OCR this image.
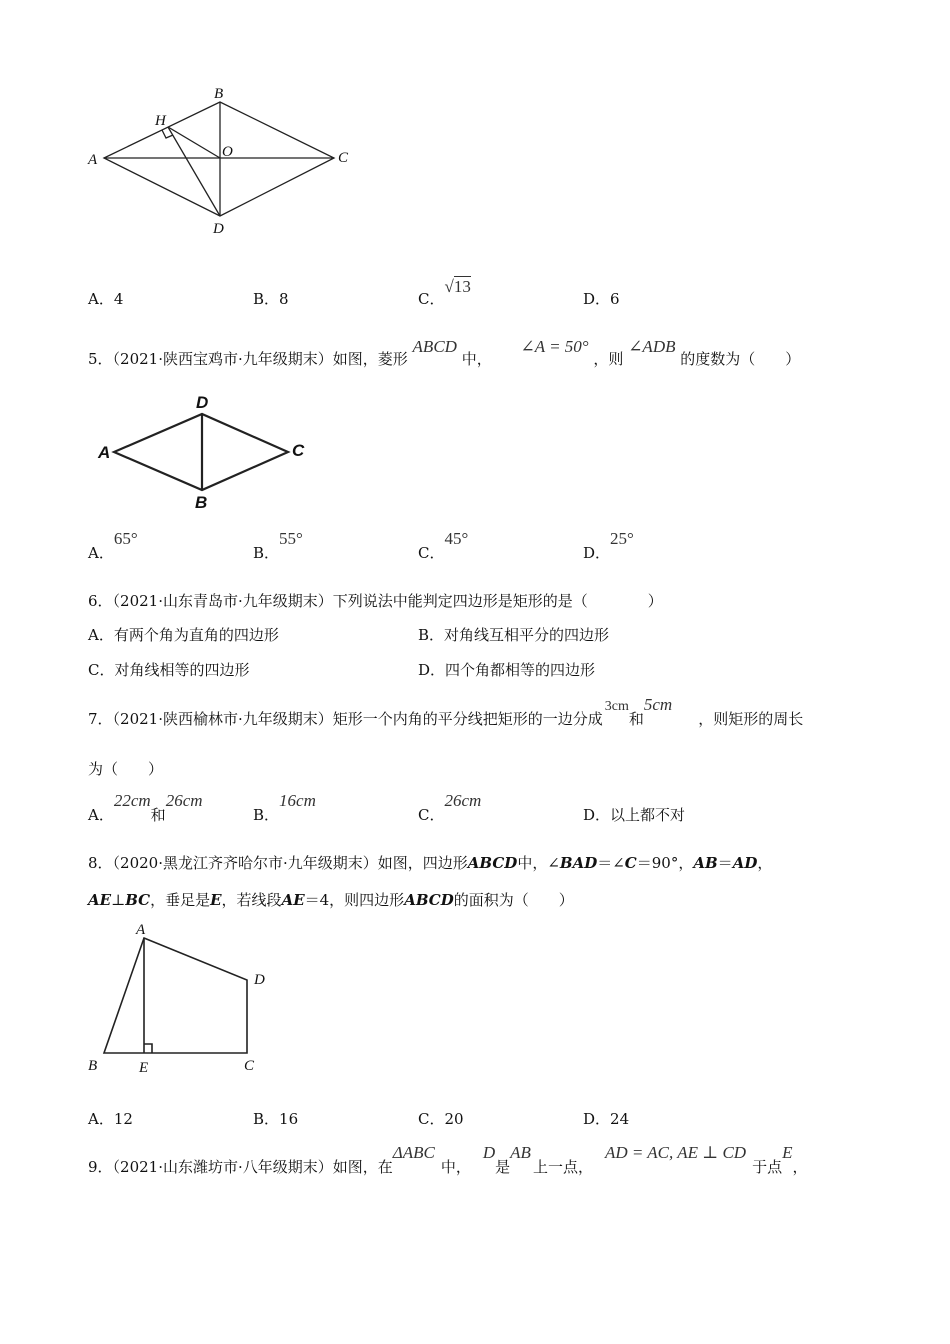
A
B
C
D
O
H
A．4	B．8	C．√13
D．6
5．（2021·陕西宝鸡市·九年级期末）如图，菱形 ABCD 中， ∠A = 50° ，则 ∠ADB 的度数为（　　）
A
D
C
B
A．65°
B．55°
C．45°
D．25°
6．（2021·山东青岛市·九年级期末）下列说法中能判定四边形是矩形的是（　　　　）
A．有两个角为直角的四边形	B．对角线互相平分的四边形
C．对角线相等的四边形	D．四个角都相等的四边形
7．（2021·陕西榆林市·九年级期末）矩形一个内角的平分线把矩形的一边分成3cm和5cm，则矩形的周长
为（　　）
A．22cm和26cm
B．16cm
C．26cm
D．以上都不对
8．（2020·黑龙江齐齐哈尔市·九年级期末）如图，四边形ABCD中，∠BAD＝∠C＝90°，AB＝AD，
AE⊥BC，垂足是E，若线段AE＝4，则四边形ABCD的面积为（　　）
A
D
B	E	C
A．12	B．16	C．20	D．24
9．（2021·山东潍坊市·八年级期末）如图，在ΔABC中，D是AB上一点，AD = AC, AE ⊥ CD于点E，
